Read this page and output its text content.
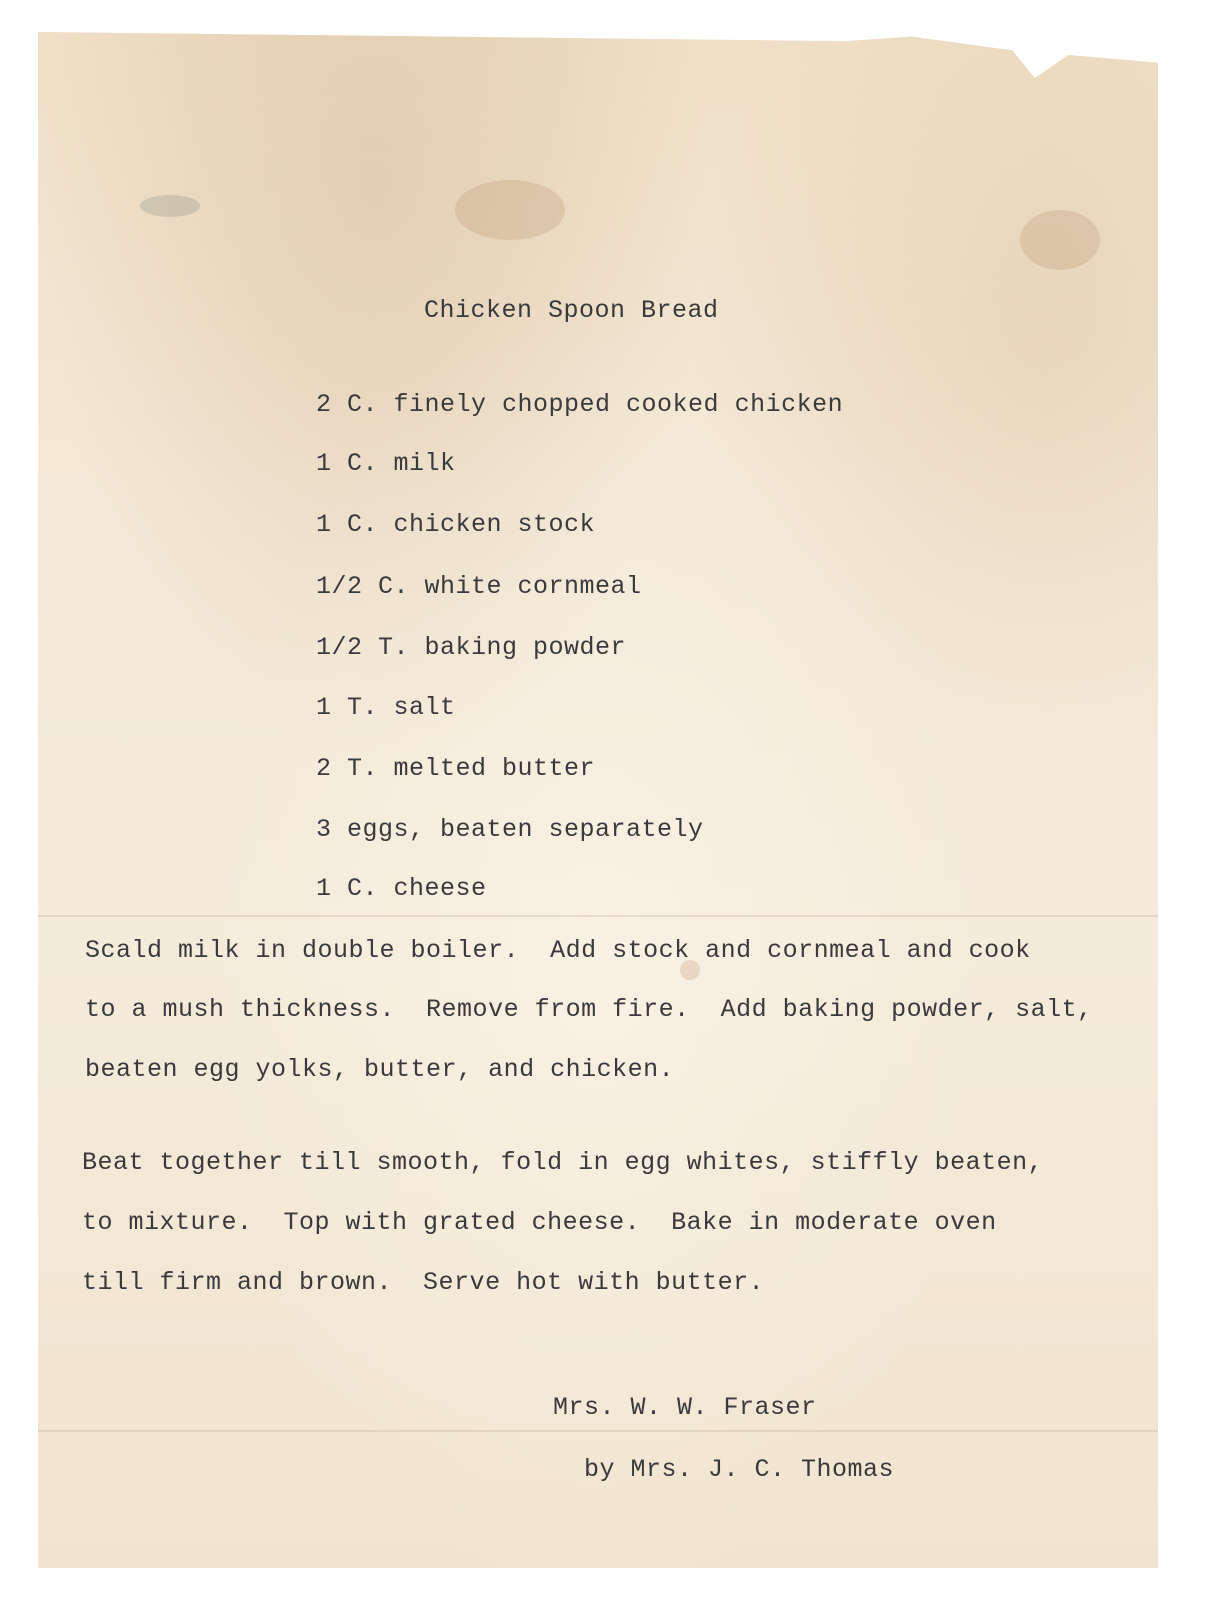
Chicken Spoon Bread
2 C. finely chopped cooked chicken
1 C. milk
1 C. chicken stock
1/2 C. white cornmeal
1/2 T. baking powder
1 T. salt
2 T. melted butter
3 eggs, beaten separately
1 C. cheese
Scald milk in double boiler.  Add stock and cornmeal and cook
to a mush thickness.  Remove from fire.  Add baking powder, salt,
beaten egg yolks, butter, and chicken.
Beat together till smooth, fold in egg whites, stiffly beaten,
to mixture.  Top with grated cheese.  Bake in moderate oven
till firm and brown.  Serve hot with butter.
Mrs. W. W. Fraser
by Mrs. J. C. Thomas
